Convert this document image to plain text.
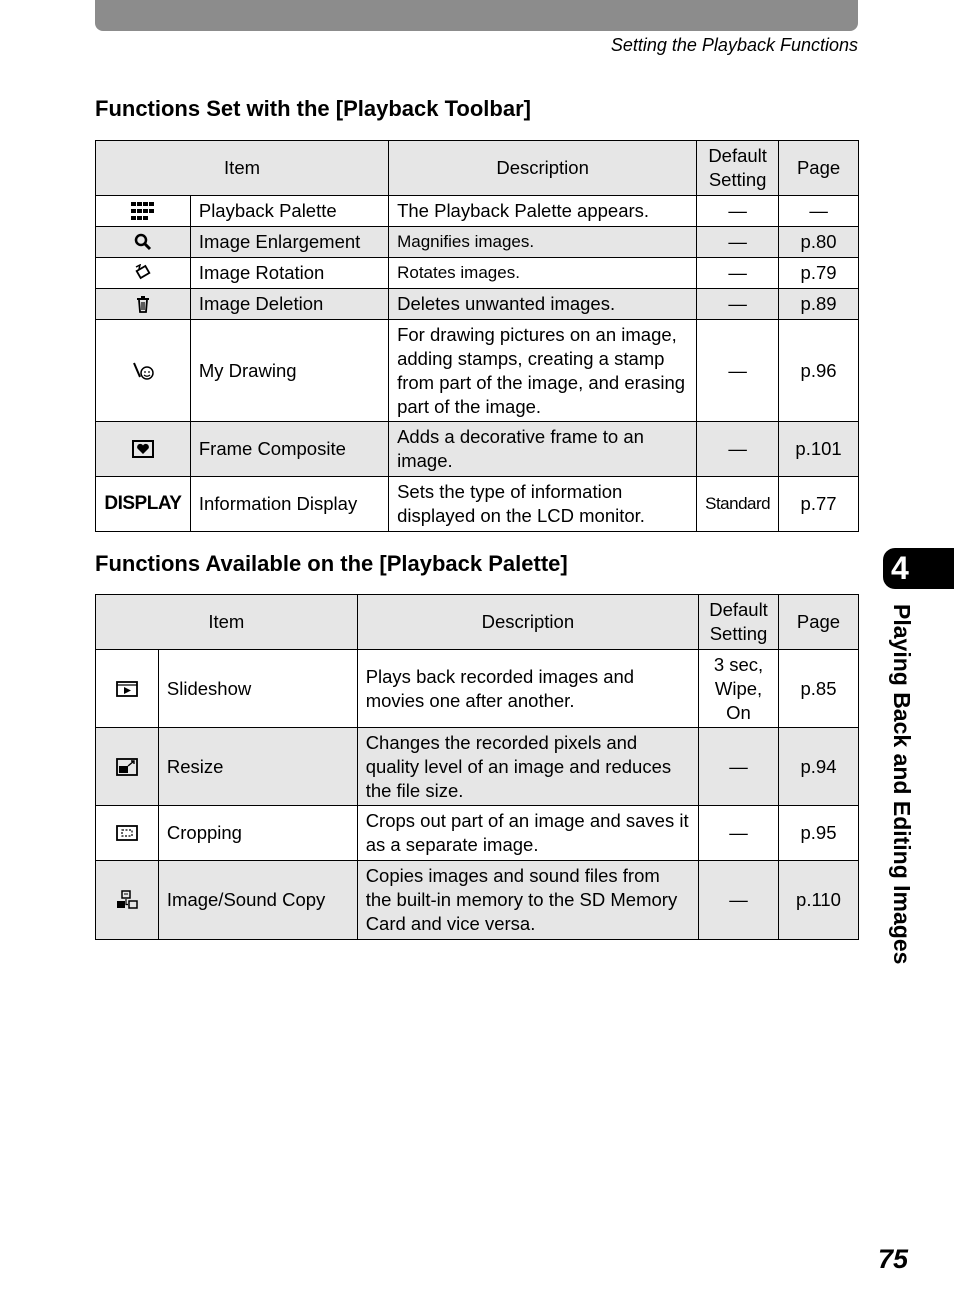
Setting the Playback Functions
Functions Set with the [Playback Toolbar]
Item		Description	Default Setting	Page

	Playback Palette	The Playback Palette appears.	—	—

	Image Enlargement	Magnifies images.	—	p.80

	Image Rotation	Rotates images.	—	p.79

	Image Deletion	Deletes unwanted images.	—	p.89

	My Drawing	For drawing pictures on an image, adding stamps, creating a stamp from part of the image, and erasing part of the image.	—	p.96

	Frame Composite	Adds a decorative frame to an image.	—	p.101
DISPLAY	Information Display	Sets the type of information displayed on the LCD monitor.	Standard	p.77
Functions Available on the [Playback Palette]
Item		Description	Default Setting	Page

	Slideshow	Plays back recorded images and movies one after another.	3 sec, Wipe, On	p.85

	Resize	Changes the recorded pixels and quality level of an image and reduces the file size.	—	p.94

	Cropping	Crops out part of an image and saves it as a separate image.	—	p.95

	Image/Sound Copy	Copies images and sound files from the built-in memory to the SD Memory Card and vice versa.	—	p.110
4
Playing Back and Editing Images
75
